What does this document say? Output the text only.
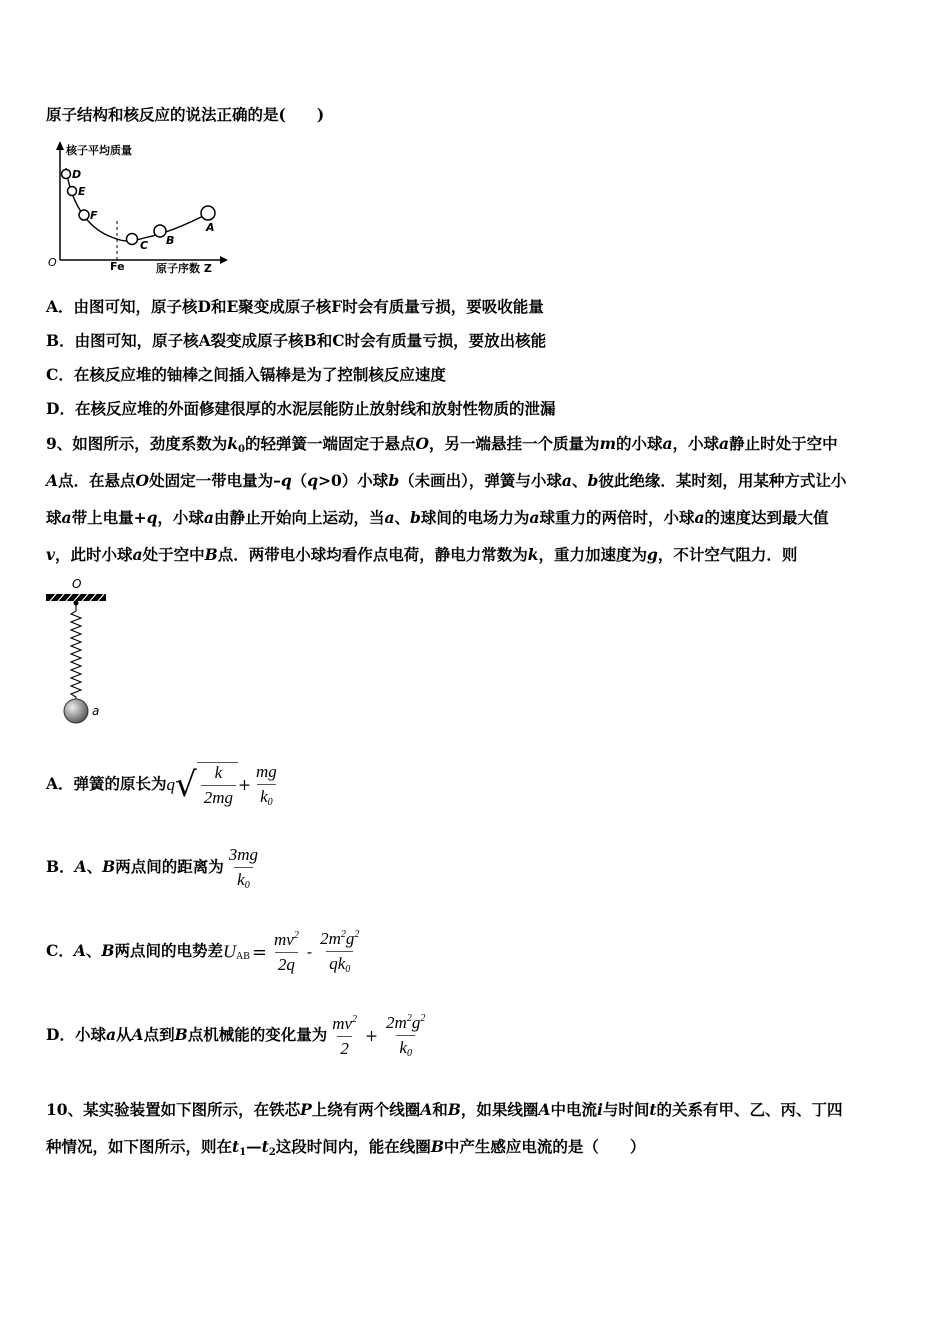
原子结构和核反应的说法正确的是(　　)
核子平均质量
O	Fe	原子序数 Z
D
E
F
C B
A
A．由图可知，原子核D和E聚变成原子核F时会有质量亏损，要吸收能量
B．由图可知，原子核A裂变成原子核B和C时会有质量亏损，要放出核能
C．在核反应堆的铀棒之间插入镉棒是为了控制核反应速度
D．在核反应堆的外面修建很厚的水泥层能防止放射线和放射性物质的泄漏
9、如图所示，劲度系数为$k_0$的轻弹簧一端固定于悬点O，另一端悬挂一个质量为m的小球a，小球a静止时处于空中
A点．在悬点O处固定一带电量为–q（q>0）小球b（未画出），弹簧与小球a、b彼此绝缘．某时刻，用某种方式让小
球a带上电量+q，小球a由静止开始向上运动，当a、b球间的电场力为a球重力的两倍时，小球a的速度达到最大值
v，此时小球a处于空中B点．两带电小球均看作点电荷，静电力常数为k，重力加速度为g，不计空气阻力．则
O
a
A．弹簧的原长为q √ $\frac{k}{2mg} + \frac{mg}{k_0}$
B．A、B两点间的距离为 $\frac{3mg}{k_0}$
C．A、B两点间的电势差$U_{AB} = \frac{mv^2}{2q} - \frac{2m^2g^2}{qk_0}$
D．小球a从A点到B点机械能的变化量为 $\frac{mv^2}{2} + \frac{2m^2g^2}{k_0}$
10、某实验装置如下图所示，在铁芯P上绕有两个线圈A和B，如果线圈A中电流i与时间t的关系有甲、乙、丙、丁四
种情况，如下图所示，则在$t_1—t_2$这段时间内，能在线圈B中产生感应电流的是（　　）
